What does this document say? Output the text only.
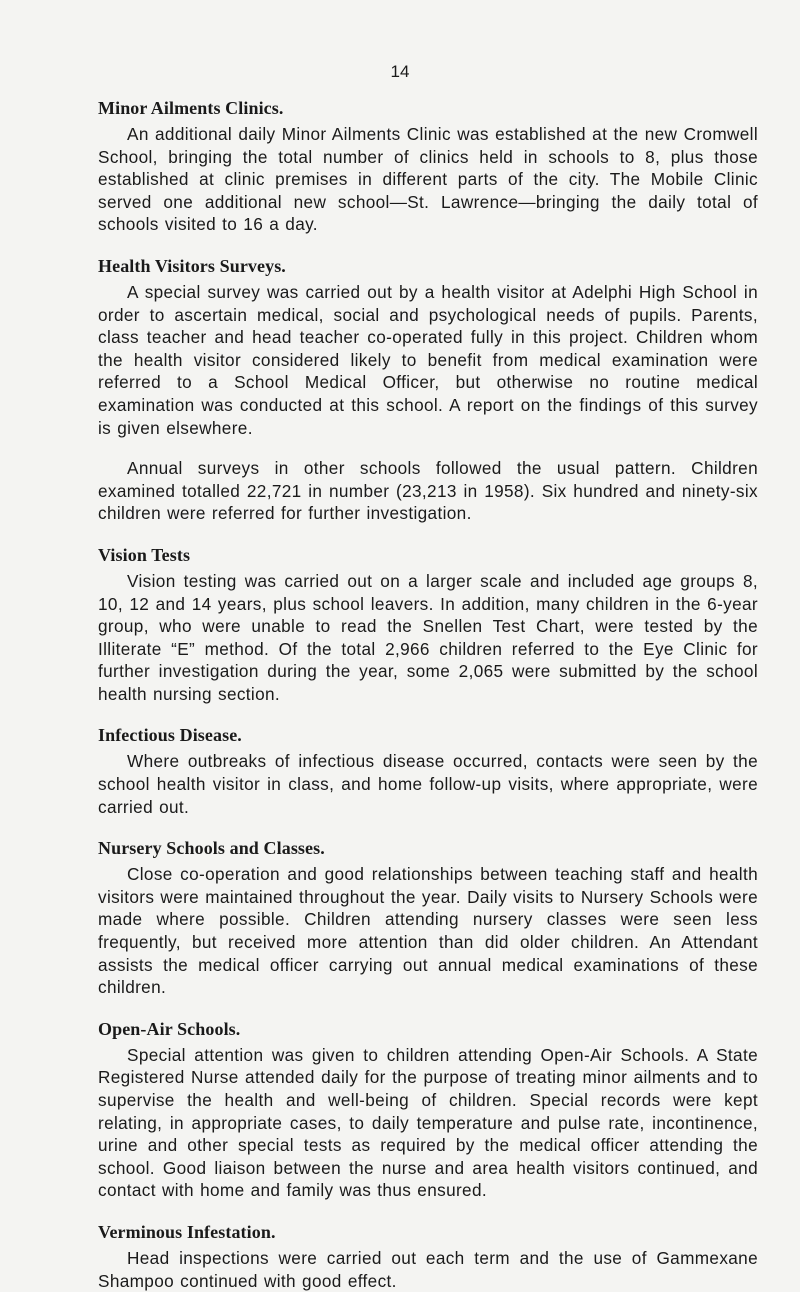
14
Minor Ailments Clinics.

An additional daily Minor Ailments Clinic was established at the new Cromwell School, bringing the total number of clinics held in schools to 8, plus those established at clinic premises in different parts of the city. The Mobile Clinic served one additional new school—St. Lawrence—bringing the daily total of schools visited to 16 a day.

Health Visitors Surveys.

A special survey was carried out by a health visitor at Adelphi High School in order to ascertain medical, social and psychological needs of pupils. Parents, class teacher and head teacher co-operated fully in this project. Children whom the health visitor considered likely to benefit from medical examination were referred to a School Medical Officer, but otherwise no routine medical examination was conducted at this school. A report on the findings of this survey is given elsewhere.

Annual surveys in other schools followed the usual pattern. Children examined totalled 22,721 in number (23,213 in 1958). Six hundred and ninety-six children were referred for further investigation.

Vision Tests

Vision testing was carried out on a larger scale and included age groups 8, 10, 12 and 14 years, plus school leavers. In addition, many children in the 6-year group, who were unable to read the Snellen Test Chart, were tested by the Illiterate “E” method. Of the total 2,966 children referred to the Eye Clinic for further investigation during the year, some 2,065 were submitted by the school health nursing section.

Infectious Disease.

Where outbreaks of infectious disease occurred, contacts were seen by the school health visitor in class, and home follow-up visits, where appropriate, were carried out.

Nursery Schools and Classes.

Close co-operation and good relationships between teaching staff and health visitors were maintained throughout the year. Daily visits to Nursery Schools were made where possible. Children attending nursery classes were seen less frequently, but received more attention than did older children. An Attendant assists the medical officer carrying out annual medical examinations of these children.

Open-Air Schools.

Special attention was given to children attending Open-Air Schools. A State Registered Nurse attended daily for the purpose of treating minor ailments and to supervise the health and well-being of children. Special records were kept relating, in appropriate cases, to daily temperature and pulse rate, incontinence, urine and other special tests as required by the medical officer attending the school. Good liaison between the nurse and area health visitors continued, and contact with home and family was thus ensured.

Verminous Infestation.

Head inspections were carried out each term and the use of Gammexane Shampoo continued with good effect.
